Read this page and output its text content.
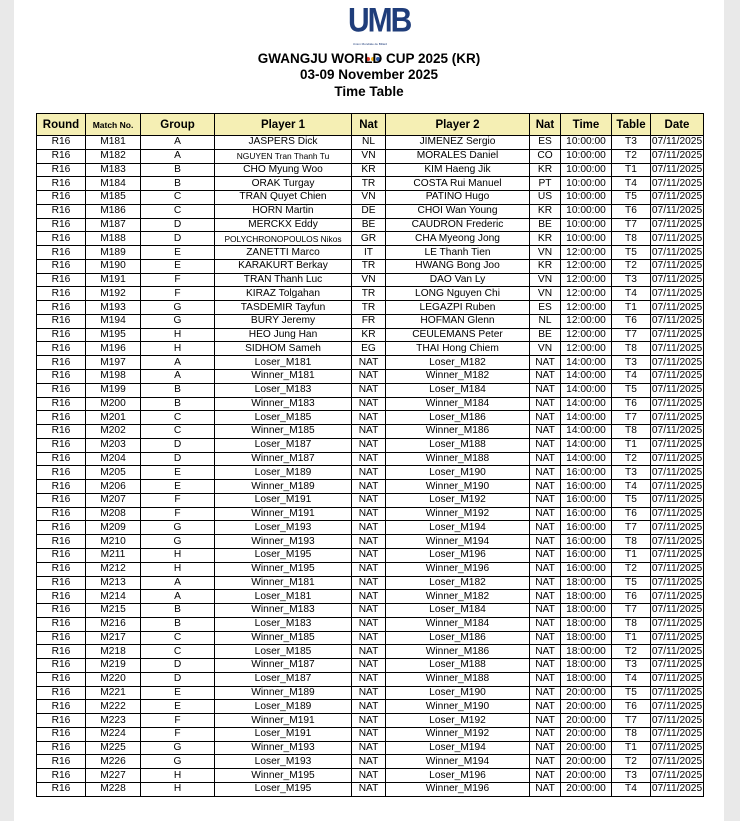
UMB
Union Mondiale de Billard
GWANGJU WORLD CUP 2025 (KR)
03-09 November 2025
Time Table
Round	Match No.	Group	Player 1	Nat	Player 2	Nat	Time	Table	Date
R16	M181	A	JASPERS Dick	NL	JIMENEZ Sergio	ES	10:00:00	T3	07/11/2025
R16	M182	A	NGUYEN Tran Thanh Tu	VN	MORALES Daniel	CO	10:00:00	T2	07/11/2025
R16	M183	B	CHO Myung Woo	KR	KIM Haeng Jik	KR	10:00:00	T1	07/11/2025
R16	M184	B	ORAK Turgay	TR	COSTA Rui Manuel	PT	10:00:00	T4	07/11/2025
R16	M185	C	TRAN Quyet Chien	VN	PATINO Hugo	US	10:00:00	T5	07/11/2025
R16	M186	C	HORN Martin	DE	CHOI Wan Young	KR	10:00:00	T6	07/11/2025
R16	M187	D	MERCKX Eddy	BE	CAUDRON Frederic	BE	10:00:00	T7	07/11/2025
R16	M188	D	POLYCHRONOPOULOS Nikos	GR	CHA Myeong Jong	KR	10:00:00	T8	07/11/2025
R16	M189	E	ZANETTI Marco	IT	LE Thanh Tien	VN	12:00:00	T5	07/11/2025
R16	M190	E	KARAKURT Berkay	TR	HWANG Bong Joo	KR	12:00:00	T2	07/11/2025
R16	M191	F	TRAN Thanh Luc	VN	DAO Van Ly	VN	12:00:00	T3	07/11/2025
R16	M192	F	KIRAZ Tolgahan	TR	LONG Nguyen Chi	VN	12:00:00	T4	07/11/2025
R16	M193	G	TASDEMIR Tayfun	TR	LEGAZPI Ruben	ES	12:00:00	T1	07/11/2025
R16	M194	G	BURY Jeremy	FR	HOFMAN Glenn	NL	12:00:00	T6	07/11/2025
R16	M195	H	HEO Jung Han	KR	CEULEMANS Peter	BE	12:00:00	T7	07/11/2025
R16	M196	H	SIDHOM Sameh	EG	THAI Hong Chiem	VN	12:00:00	T8	07/11/2025
R16	M197	A	Loser_M181	NAT	Loser_M182	NAT	14:00:00	T3	07/11/2025
R16	M198	A	Winner_M181	NAT	Winner_M182	NAT	14:00:00	T4	07/11/2025
R16	M199	B	Loser_M183	NAT	Loser_M184	NAT	14:00:00	T5	07/11/2025
R16	M200	B	Winner_M183	NAT	Winner_M184	NAT	14:00:00	T6	07/11/2025
R16	M201	C	Loser_M185	NAT	Loser_M186	NAT	14:00:00	T7	07/11/2025
R16	M202	C	Winner_M185	NAT	Winner_M186	NAT	14:00:00	T8	07/11/2025
R16	M203	D	Loser_M187	NAT	Loser_M188	NAT	14:00:00	T1	07/11/2025
R16	M204	D	Winner_M187	NAT	Winner_M188	NAT	14:00:00	T2	07/11/2025
R16	M205	E	Loser_M189	NAT	Loser_M190	NAT	16:00:00	T3	07/11/2025
R16	M206	E	Winner_M189	NAT	Winner_M190	NAT	16:00:00	T4	07/11/2025
R16	M207	F	Loser_M191	NAT	Loser_M192	NAT	16:00:00	T5	07/11/2025
R16	M208	F	Winner_M191	NAT	Winner_M192	NAT	16:00:00	T6	07/11/2025
R16	M209	G	Loser_M193	NAT	Loser_M194	NAT	16:00:00	T7	07/11/2025
R16	M210	G	Winner_M193	NAT	Winner_M194	NAT	16:00:00	T8	07/11/2025
R16	M211	H	Loser_M195	NAT	Loser_M196	NAT	16:00:00	T1	07/11/2025
R16	M212	H	Winner_M195	NAT	Winner_M196	NAT	16:00:00	T2	07/11/2025
R16	M213	A	Winner_M181	NAT	Loser_M182	NAT	18:00:00	T5	07/11/2025
R16	M214	A	Loser_M181	NAT	Winner_M182	NAT	18:00:00	T6	07/11/2025
R16	M215	B	Winner_M183	NAT	Loser_M184	NAT	18:00:00	T7	07/11/2025
R16	M216	B	Loser_M183	NAT	Winner_M184	NAT	18:00:00	T8	07/11/2025
R16	M217	C	Winner_M185	NAT	Loser_M186	NAT	18:00:00	T1	07/11/2025
R16	M218	C	Loser_M185	NAT	Winner_M186	NAT	18:00:00	T2	07/11/2025
R16	M219	D	Winner_M187	NAT	Loser_M188	NAT	18:00:00	T3	07/11/2025
R16	M220	D	Loser_M187	NAT	Winner_M188	NAT	18:00:00	T4	07/11/2025
R16	M221	E	Winner_M189	NAT	Loser_M190	NAT	20:00:00	T5	07/11/2025
R16	M222	E	Loser_M189	NAT	Winner_M190	NAT	20:00:00	T6	07/11/2025
R16	M223	F	Winner_M191	NAT	Loser_M192	NAT	20:00:00	T7	07/11/2025
R16	M224	F	Loser_M191	NAT	Winner_M192	NAT	20:00:00	T8	07/11/2025
R16	M225	G	Winner_M193	NAT	Loser_M194	NAT	20:00:00	T1	07/11/2025
R16	M226	G	Loser_M193	NAT	Winner_M194	NAT	20:00:00	T2	07/11/2025
R16	M227	H	Winner_M195	NAT	Loser_M196	NAT	20:00:00	T3	07/11/2025
R16	M228	H	Loser_M195	NAT	Winner_M196	NAT	20:00:00	T4	07/11/2025
